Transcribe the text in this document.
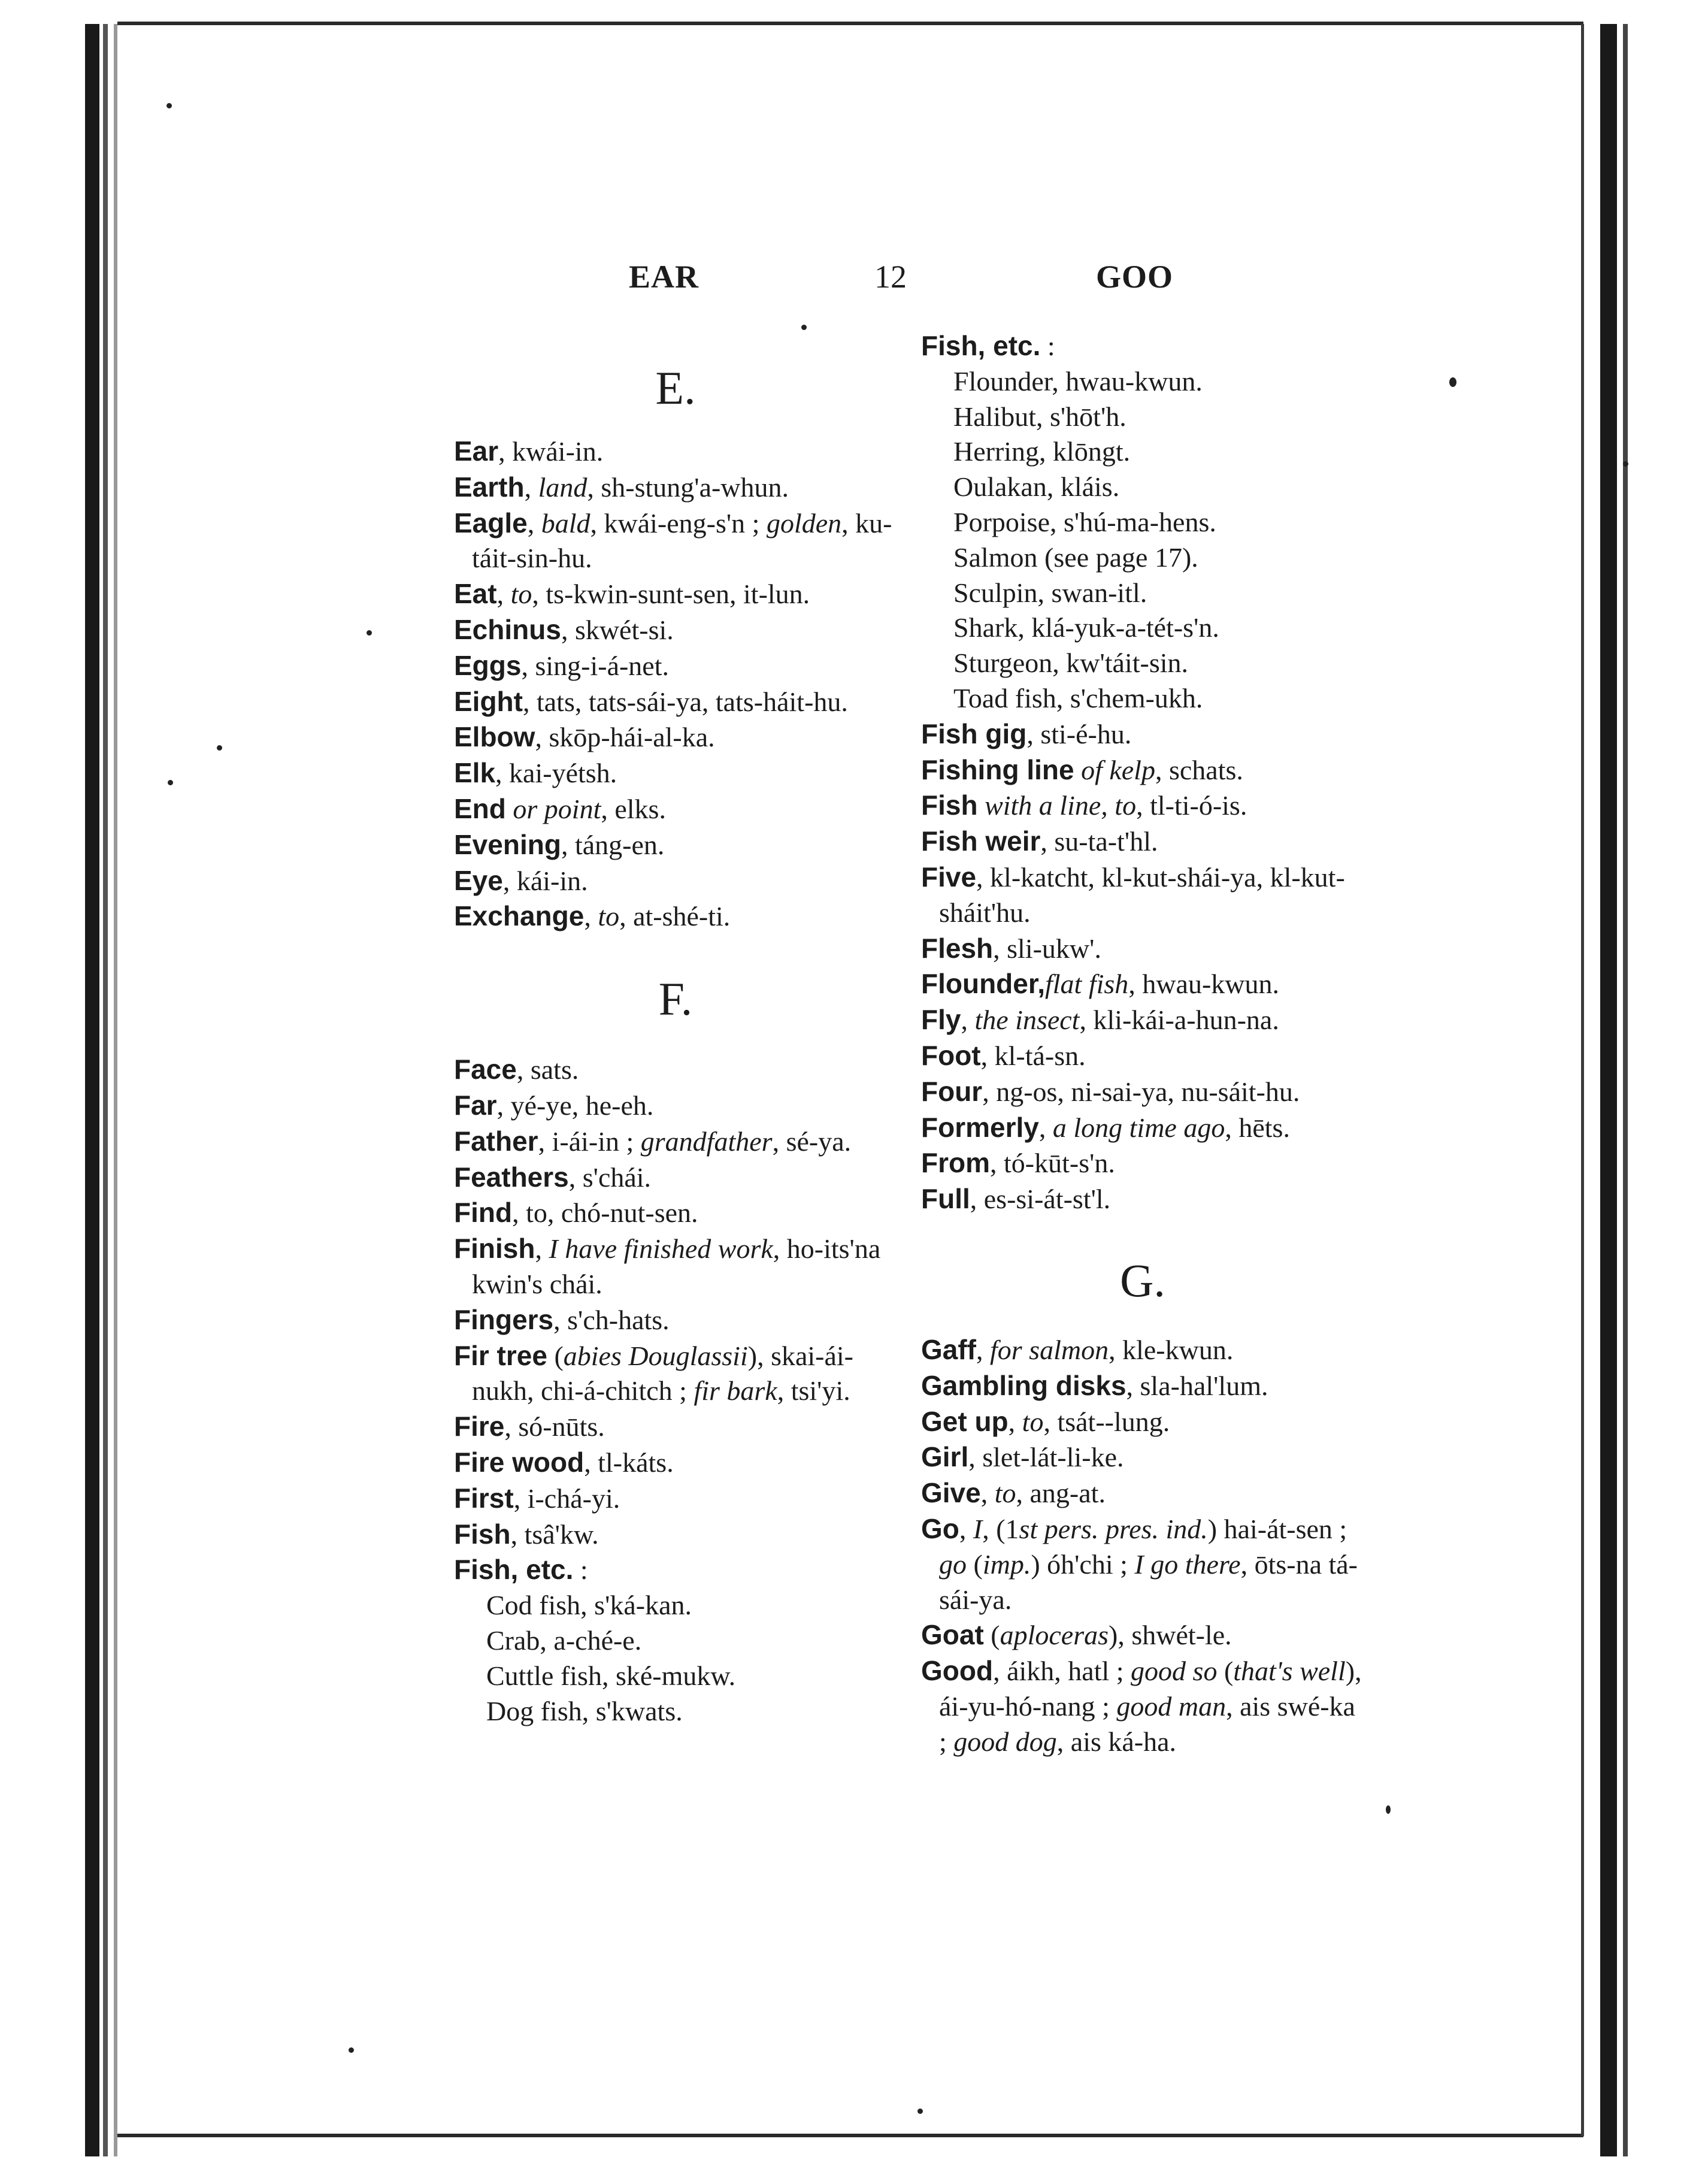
EAR	12	GOO

E.

Ear, kwái-in.

Earth, land, sh-stung'a-whun.

Eagle, bald, kwái-eng-s'n ; golden, ku-táit-sin-hu.

Eat, to, ts-kwin-sunt-sen, it-lun.

Echinus, skwét-si.

Eggs, sing-i-á-net.

Eight, tats, tats-sái-ya, tats-háit-hu.

Elbow, skōp-hái-al-ka.

Elk, kai-yétsh.

End or point, elks.

Evening, táng-en.

Eye, kái-in.

Exchange, to, at-shé-ti.

F.

Face, sats.

Far, yé-ye, he-eh.

Father, i-ái-in ; grandfather, sé-ya.

Feathers, s'chái.

Find, to, chó-nut-sen.

Finish, I have finished work, ho-its'na kwin's chái.

Fingers, s'ch-hats.

Fir tree (abies Douglassii), skai-ái-nukh, chi-á-chitch ; fir bark, tsi'yi.

Fire, só-nūts.

Fire wood, tl-káts.

First, i-chá-yi.

Fish, tsâ'kw.

Fish, etc. :

Cod fish, s'ká-kan.

Crab, a-ché-e.

Cuttle fish, ské-mukw.

Dog fish, s'kwats.

Fish, etc. :

Flounder, hwau-kwun.

Halibut, s'hōt'h.

Herring, klōngt.

Oulakan, kláis.

Porpoise, s'hú-ma-hens.

Salmon (see page 17).

Sculpin, swan-itl.

Shark, klá-yuk-a-tét-s'n.

Sturgeon, kw'táit-sin.

Toad fish, s'chem-ukh.

Fish gig, sti-é-hu.

Fishing line of kelp, schats.

Fish with a line, to, tl-ti-ó-is.

Fish weir, su-ta-t'hl.

Five, kl-katcht, kl-kut-shái-ya, kl-kut-sháit'hu.

Flesh, sli-ukw'.

Flounder,flat fish, hwau-kwun.

Fly, the insect, kli-kái-a-hun-na.

Foot, kl-tá-sn.

Four, ng-os, ni-sai-ya, nu-sáit-hu.

Formerly, a long time ago, hēts.

From, tó-kūt-s'n.

Full, es-si-át-st'l.

G.

Gaff, for salmon, kle-kwun.

Gambling disks, sla-hal'lum.

Get up, to, tsát--lung.

Girl, slet-lát-li-ke.

Give, to, ang-at.

Go, I, (1st pers. pres. ind.) hai-át-sen ; go (imp.) óh'chi ; I go there, ōts-na tá-sái-ya.

Goat (aploceras), shwét-le.

Good, áikh, hatl ; good so (that's well), ái-yu-hó-nang ; good man, ais swé-ka ; good dog, ais ká-ha.
